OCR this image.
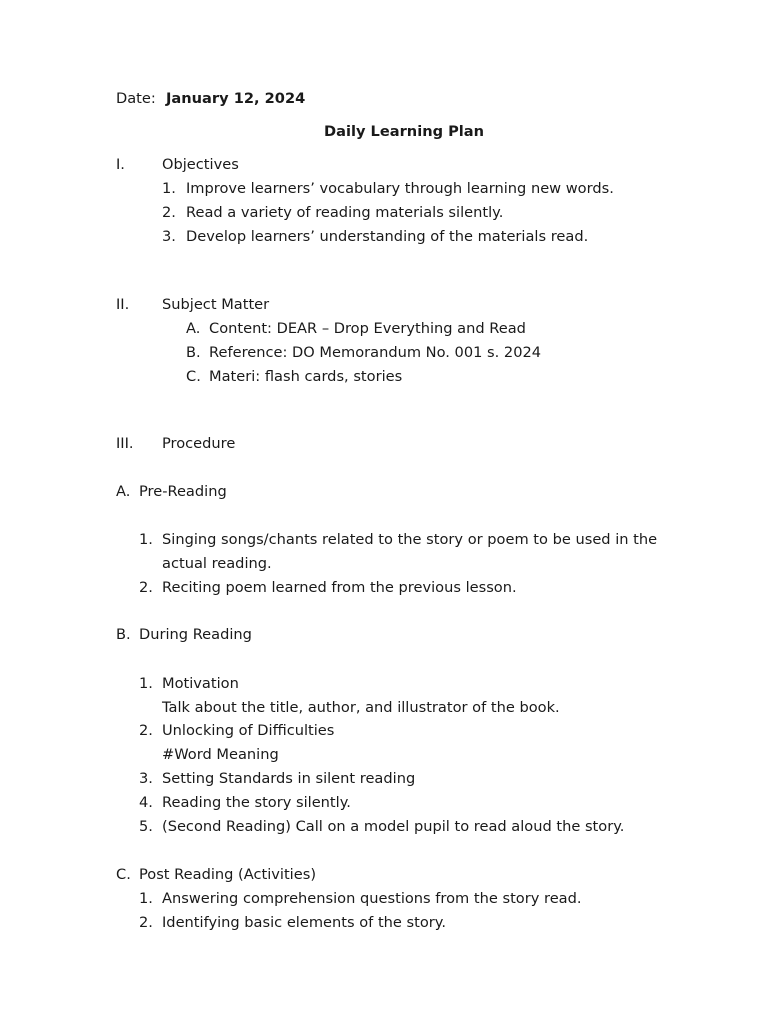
Date: January 12, 2024
Daily Learning Plan
I.	Objectives
1. Improve learners’ vocabulary through learning new words.
2. Read a variety of reading materials silently.
3. Develop learners’ understanding of the materials read.
II. Subject Matter
A. Content: DEAR – Drop Everything and Read
B. Reference: DO Memorandum No. 001 s. 2024
C. Materi: flash cards, stories
III. Procedure
A. Pre-Reading
1. Singing songs/chants related to the story or poem to be used in the
actual reading.
2. Reciting poem learned from the previous lesson.
B. During Reading
1. Motivation
Talk about the title, author, and illustrator of the book.
2. Unlocking of Difficulties
#Word Meaning
3. Setting Standards in silent reading
4. Reading the story silently.
5. (Second Reading) Call on a model pupil to read aloud the story.
C. Post Reading (Activities)
1. Answering comprehension questions from the story read.
2. Identifying basic elements of the story.
